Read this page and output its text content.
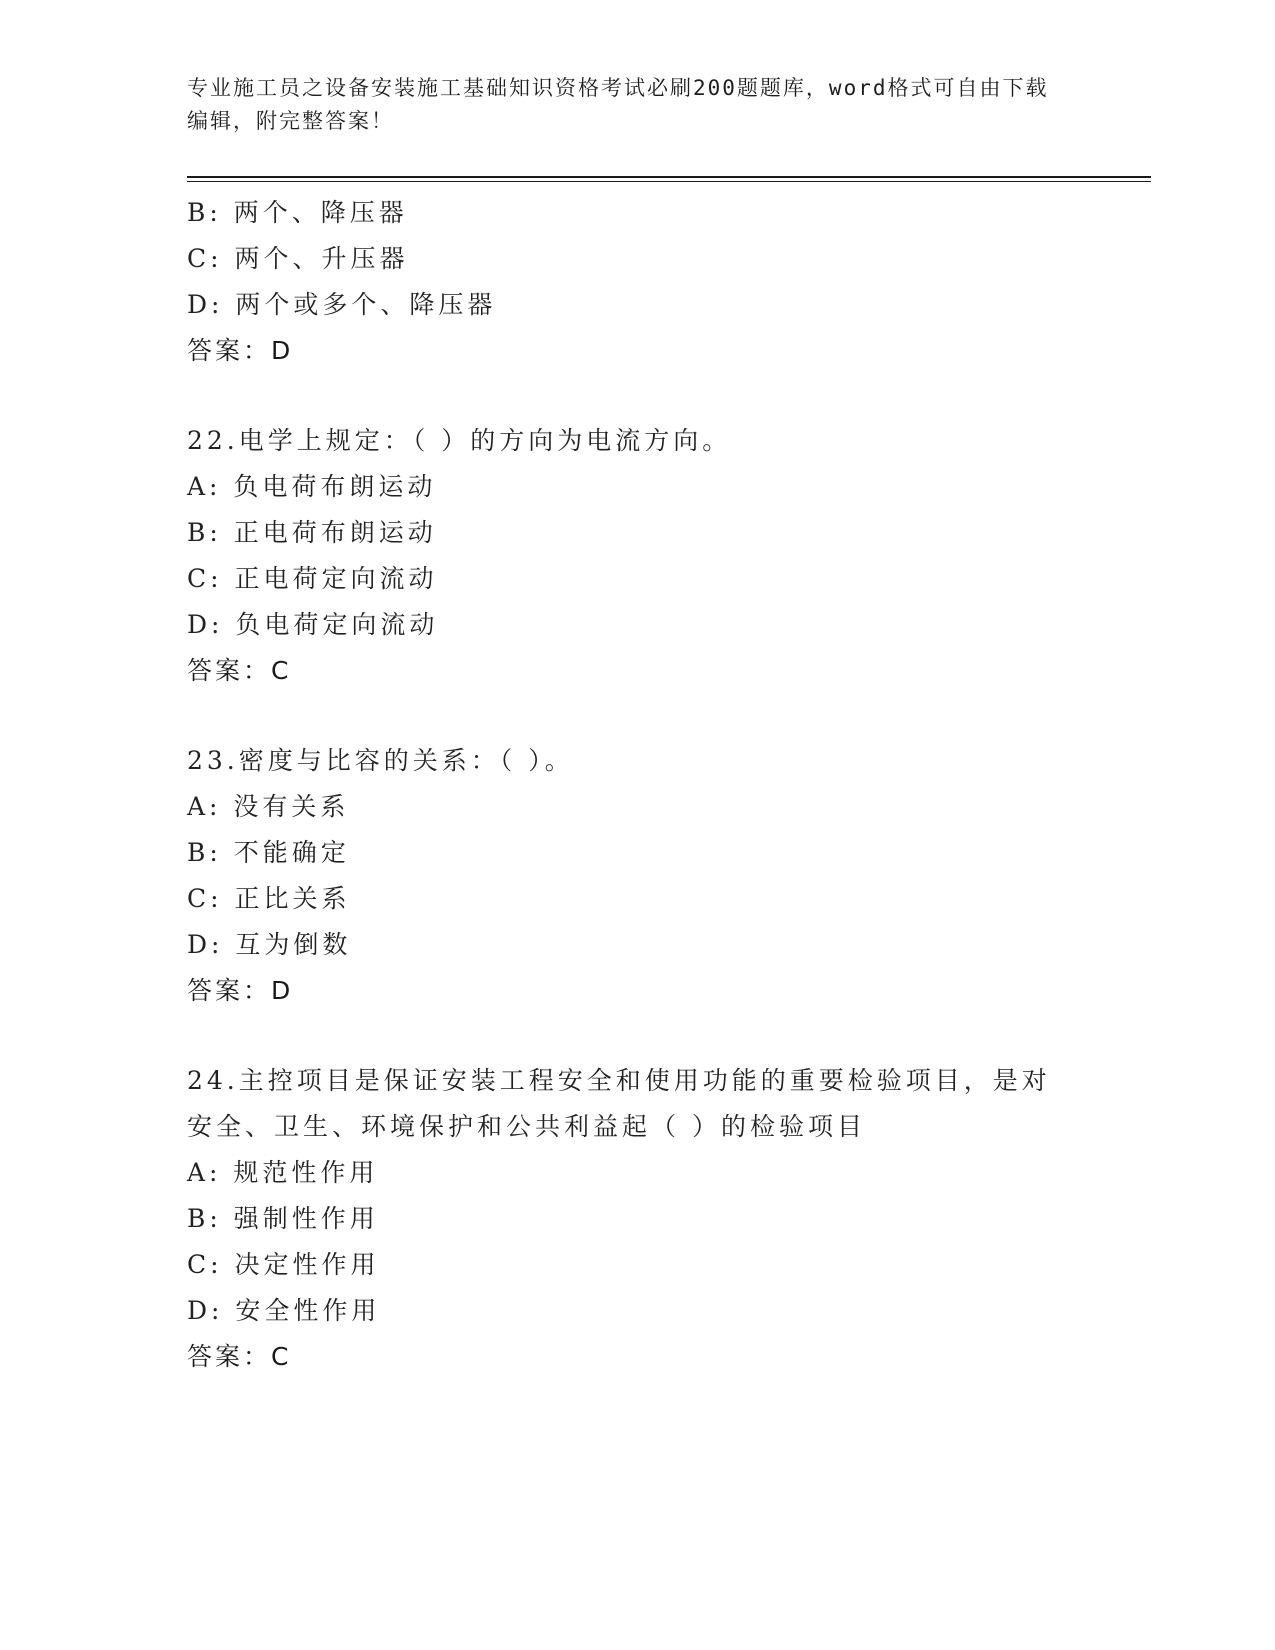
专业施工员之设备安装施工基础知识资格考试必刷200题题库，word格式可自由下载编辑，附完整答案！
B: 两个、降压器
C: 两个、升压器
D: 两个或多个、降压器
答案：D
22.电学上规定：（ ）的方向为电流方向。
A: 负电荷布朗运动
B: 正电荷布朗运动
C: 正电荷定向流动
D: 负电荷定向流动
答案：C
23.密度与比容的关系：（ ）。
A: 没有关系
B: 不能确定
C: 正比关系
D: 互为倒数
答案：D
24.主控项目是保证安装工程安全和使用功能的重要检验项目，是对安全、卫生、环境保护和公共利益起（ ）的检验项目
A: 规范性作用
B: 强制性作用
C: 决定性作用
D: 安全性作用
答案：C
